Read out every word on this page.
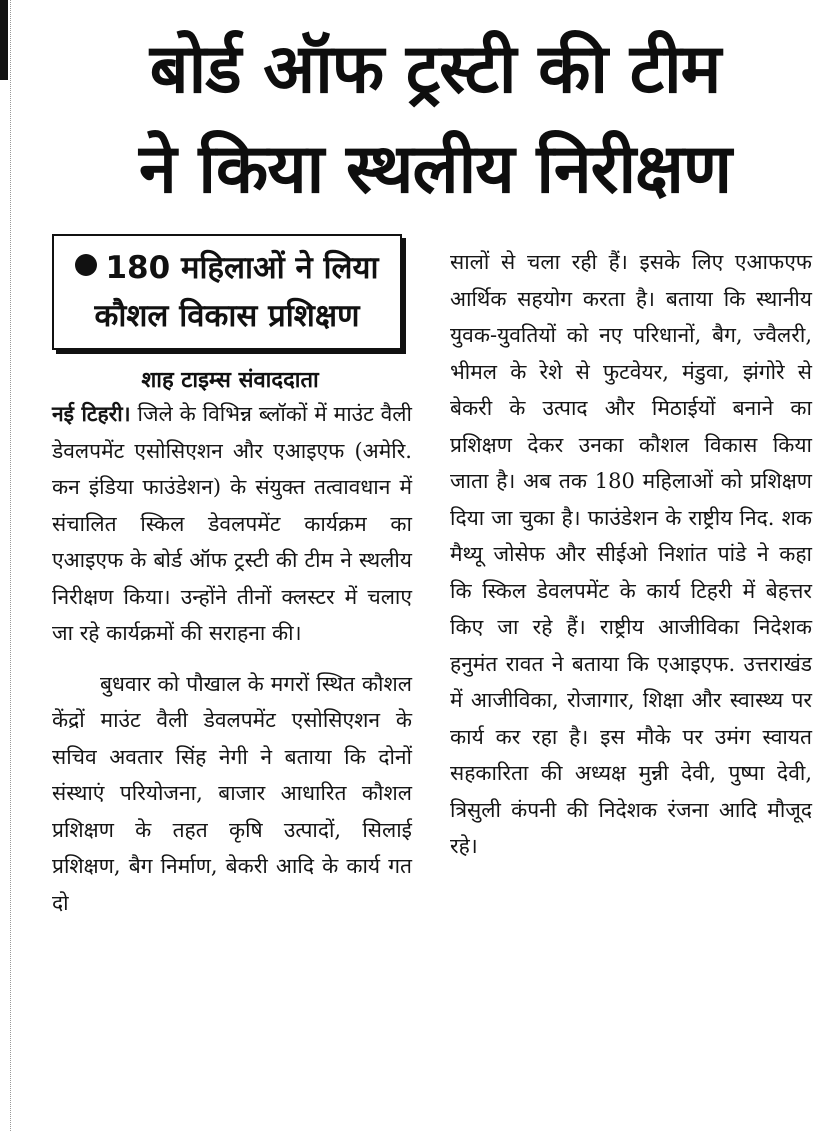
बोर्ड ऑफ ट्रस्टी की टीम
ने किया स्थलीय निरीक्षण
180 महिलाओं ने लिया
कौशल विकास प्रशिक्षण
शाह टाइम्स संवाददाता

नई टिहरी। जिले के विभिन्न ब्लॉकों में माउंट वैली डेवलपमेंट एसोसिएशन और एआइएफ (अमेरि. कन इंडिया फाउंडेशन) के संयुक्त तत्वावधान में संचालित स्किल डेवलपमेंट कार्यक्रम का एआइएफ के बोर्ड ऑफ ट्रस्टी की टीम ने स्थलीय निरीक्षण किया। उन्होंने तीनों क्लस्टर में चलाए जा रहे कार्यक्रमों की सराहना की।

बुधवार को पौखाल के मगरों स्थित कौशल केंद्रों माउंट वैली डेवलपमेंट एसोसिएशन के सचिव अवतार सिंह नेगी ने बताया कि दोनों संस्थाएं परियोजना, बाजार आधारित कौशल प्रशिक्षण के तहत कृषि उत्पादों, सिलाई प्रशिक्षण, बैग निर्माण, बेकरी आदि के कार्य गत दो

सालों से चला रही हैं। इसके लिए एआफएफ आर्थिक सहयोग करता है। बताया कि स्थानीय युवक-युवतियों को नए परिधानों, बैग, ज्वैलरी, भीमल के रेशे से फुटवेयर, मंडुवा, झंगोरे से बेकरी के उत्पाद और मिठाईयों बनाने का प्रशिक्षण देकर उनका कौशल विकास किया जाता है। अब तक 180 महिलाओं को प्रशिक्षण दिया जा चुका है। फाउंडेशन के राष्ट्रीय निद. शक मैथ्यू जोसेफ और सीईओ निशांत पांडे ने कहा कि स्किल डेवलपमेंट के कार्य टिहरी में बेहत्तर किए जा रहे हैं। राष्ट्रीय आजीविका निदेशक हनुमंत रावत ने बताया कि एआइएफ. उत्तराखंड में आजीविका, रोजागार, शिक्षा और स्वास्थ्य पर कार्य कर रहा है। इस मौके पर उमंग स्वायत सहकारिता की अध्यक्ष मुन्नी देवी, पुष्पा देवी, त्रिसुली कंपनी की निदेशक रंजना आदि मौजूद रहे।
